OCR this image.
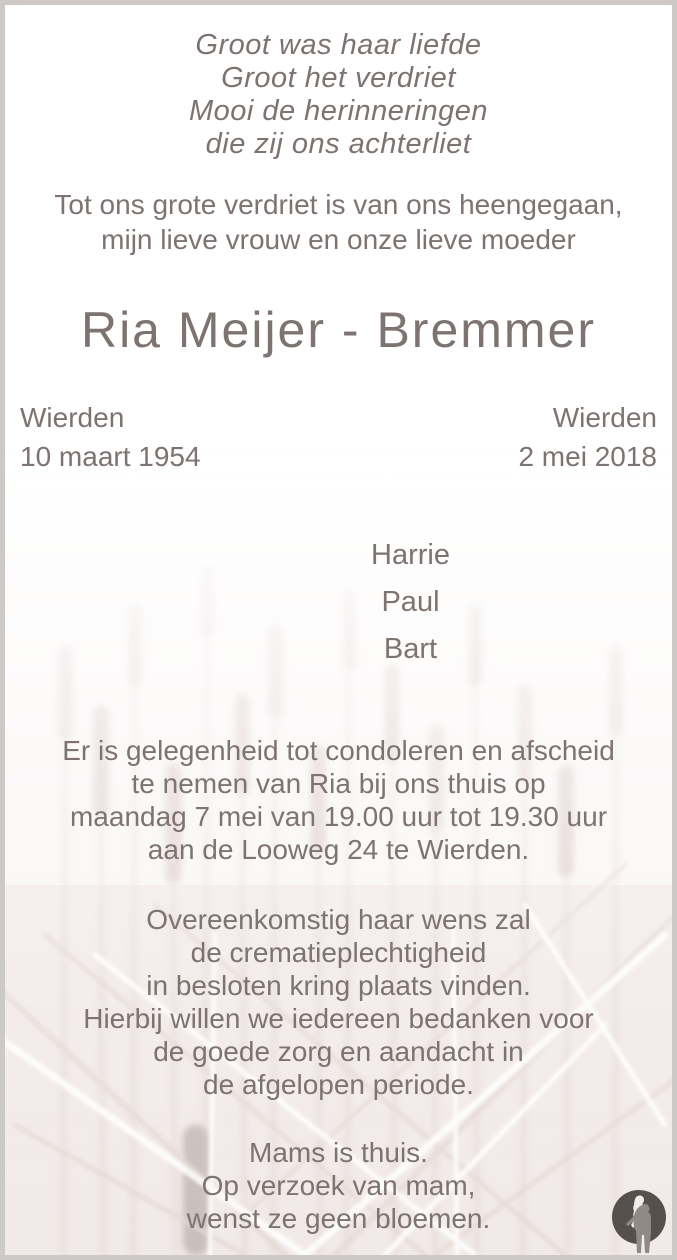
Groot was haar liefde
Groot het verdriet
Mooi de herinneringen
die zij ons achterliet
Tot ons grote verdriet is van ons heengegaan,
mijn lieve vrouw en onze lieve moeder
Ria Meijer - Bremmer
Wierden
10 maart 1954
Wierden
2 mei 2018
Harrie
Paul
Bart
Er is gelegenheid tot condoleren en afscheid
te nemen van Ria bij ons thuis op
maandag 7 mei van 19.00 uur tot 19.30 uur
aan de Looweg 24 te Wierden.
Overeenkomstig haar wens zal
de crematieplechtigheid
in besloten kring plaats vinden.
Hierbij willen we iedereen bedanken voor
de goede zorg en aandacht in
de afgelopen periode.
Mams is thuis.
Op verzoek van mam,
wenst ze geen bloemen.
